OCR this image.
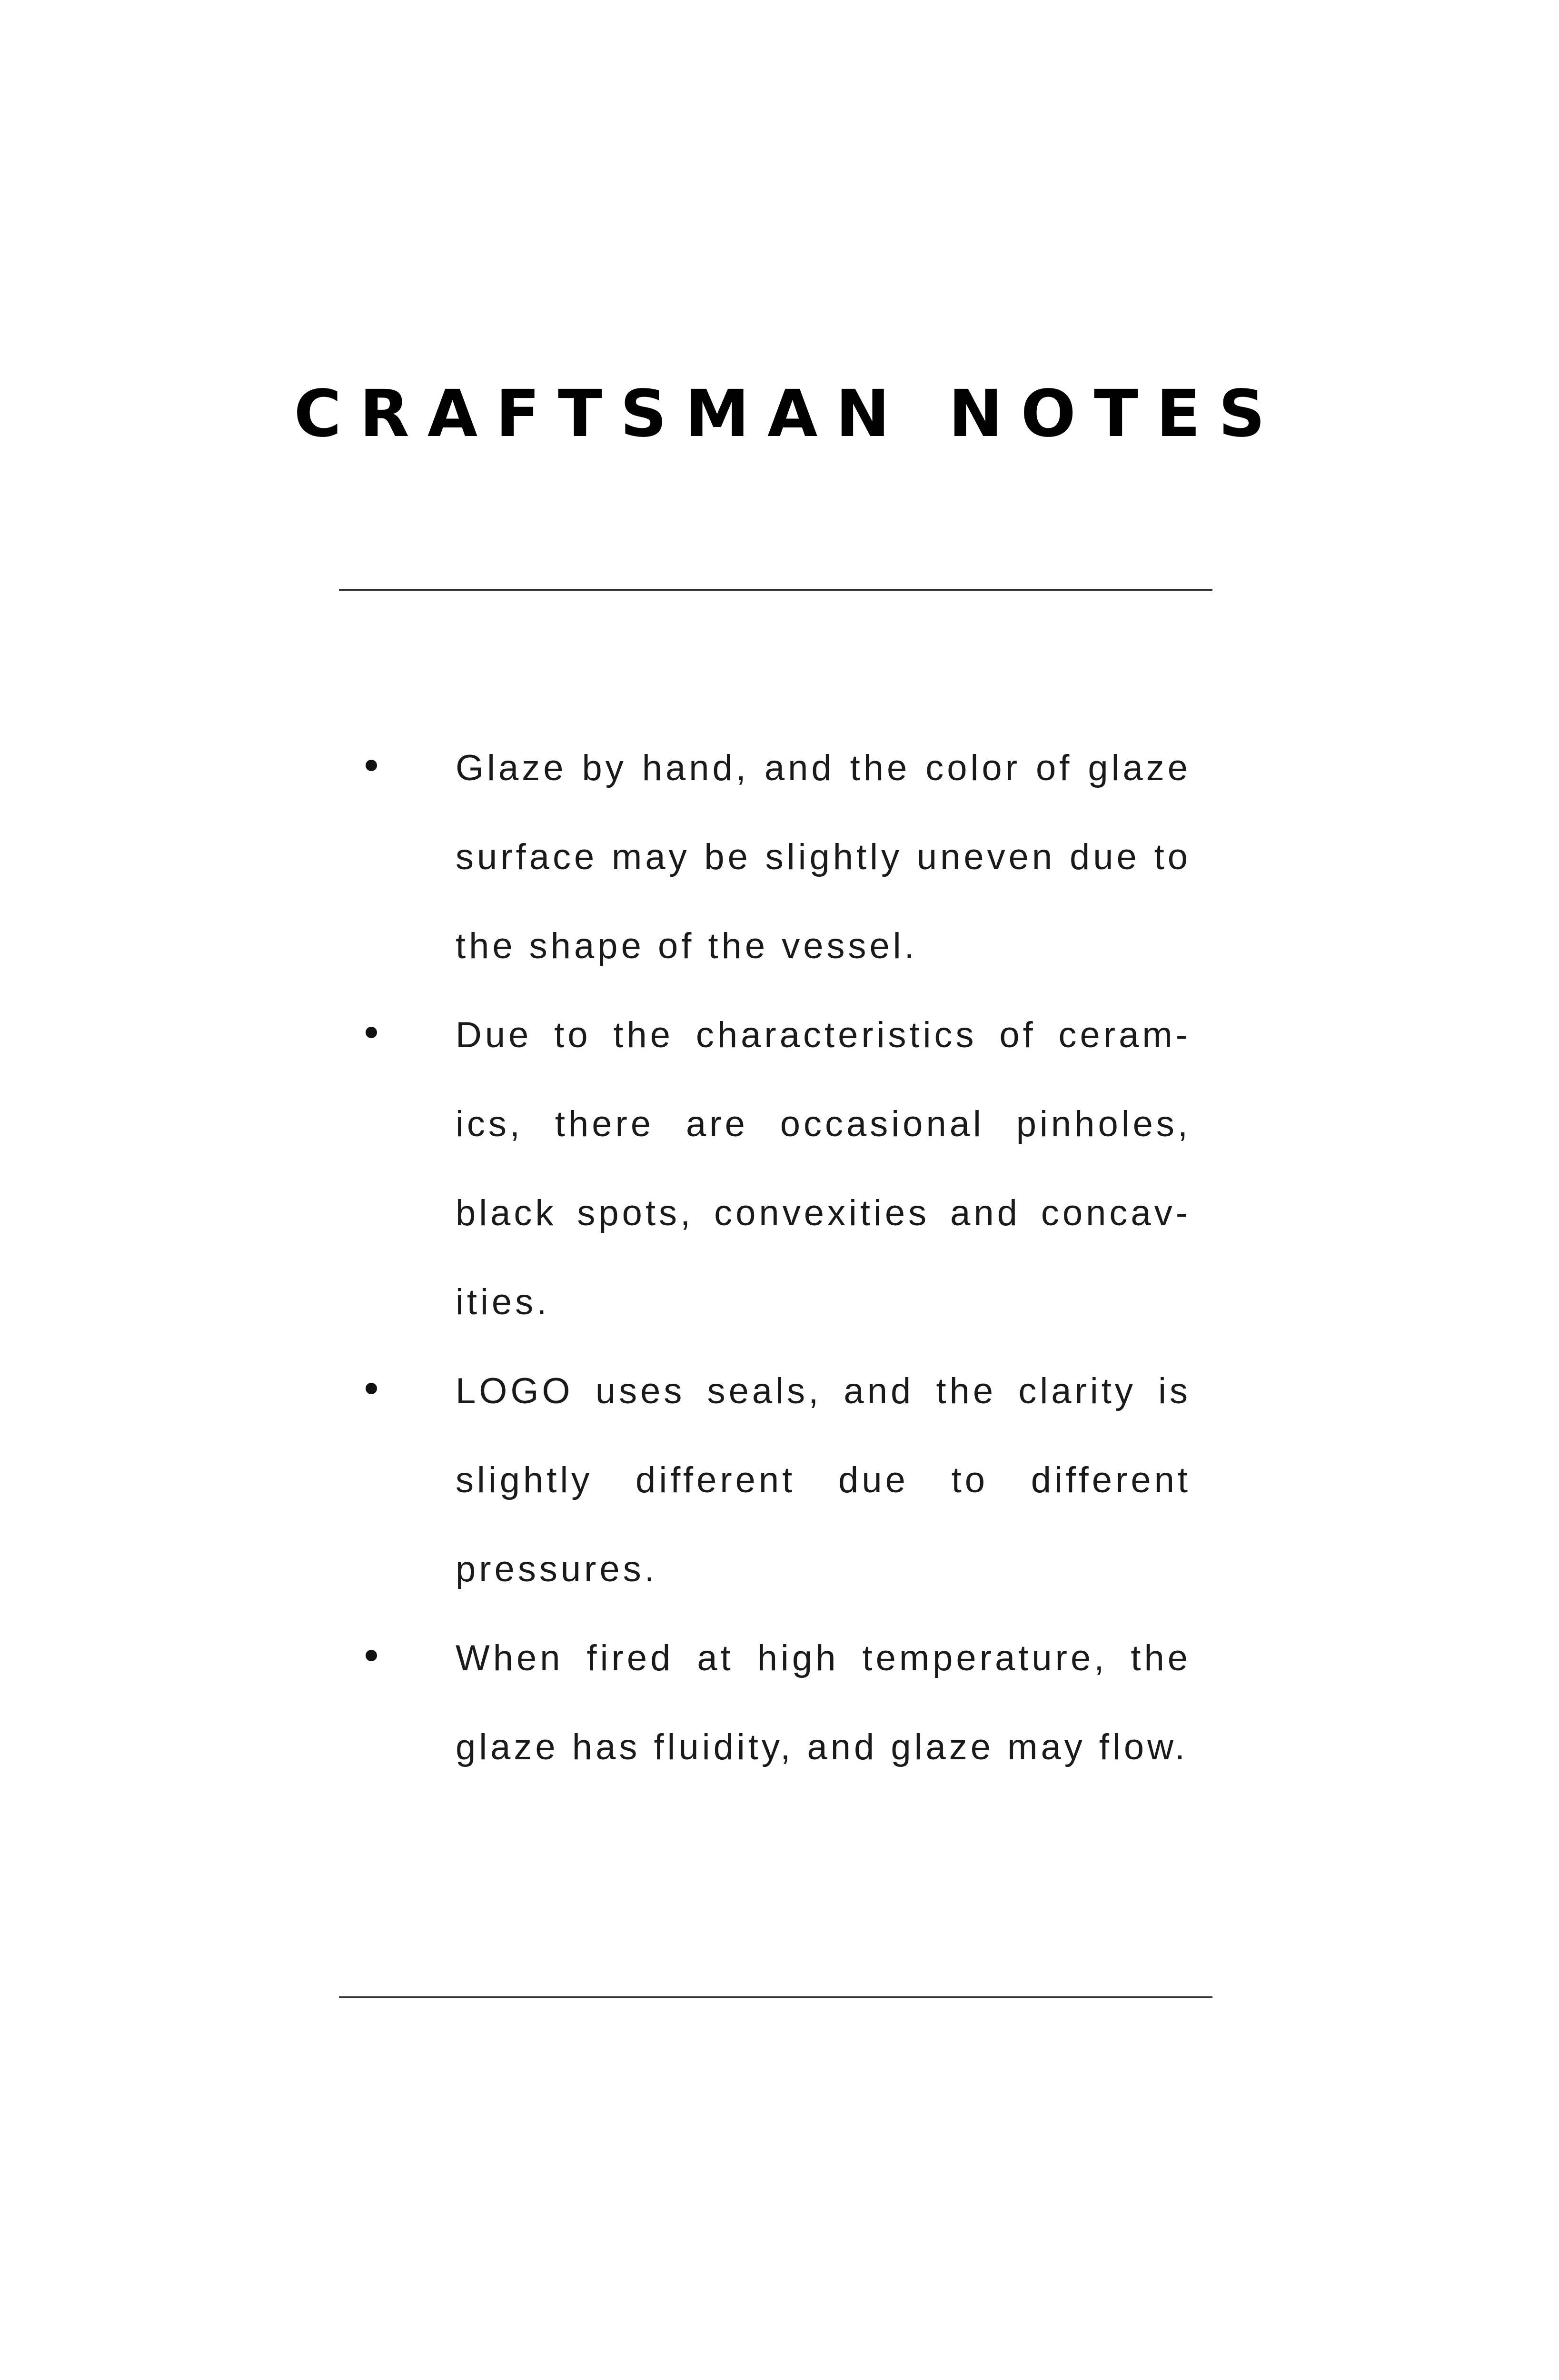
CRAFTSMAN NOTES
Glaze by hand, and the color of glaze surface may be slightly uneven due to the shape of the vessel.
Due to the characteristics of ceram-ics, there are occasional pinholes, black spots, convexities and concav-ities.
LOGO uses seals, and the clarity is slightly different due to different pressures.
When fired at high temperature, the glaze has fluidity, and glaze may flow.
